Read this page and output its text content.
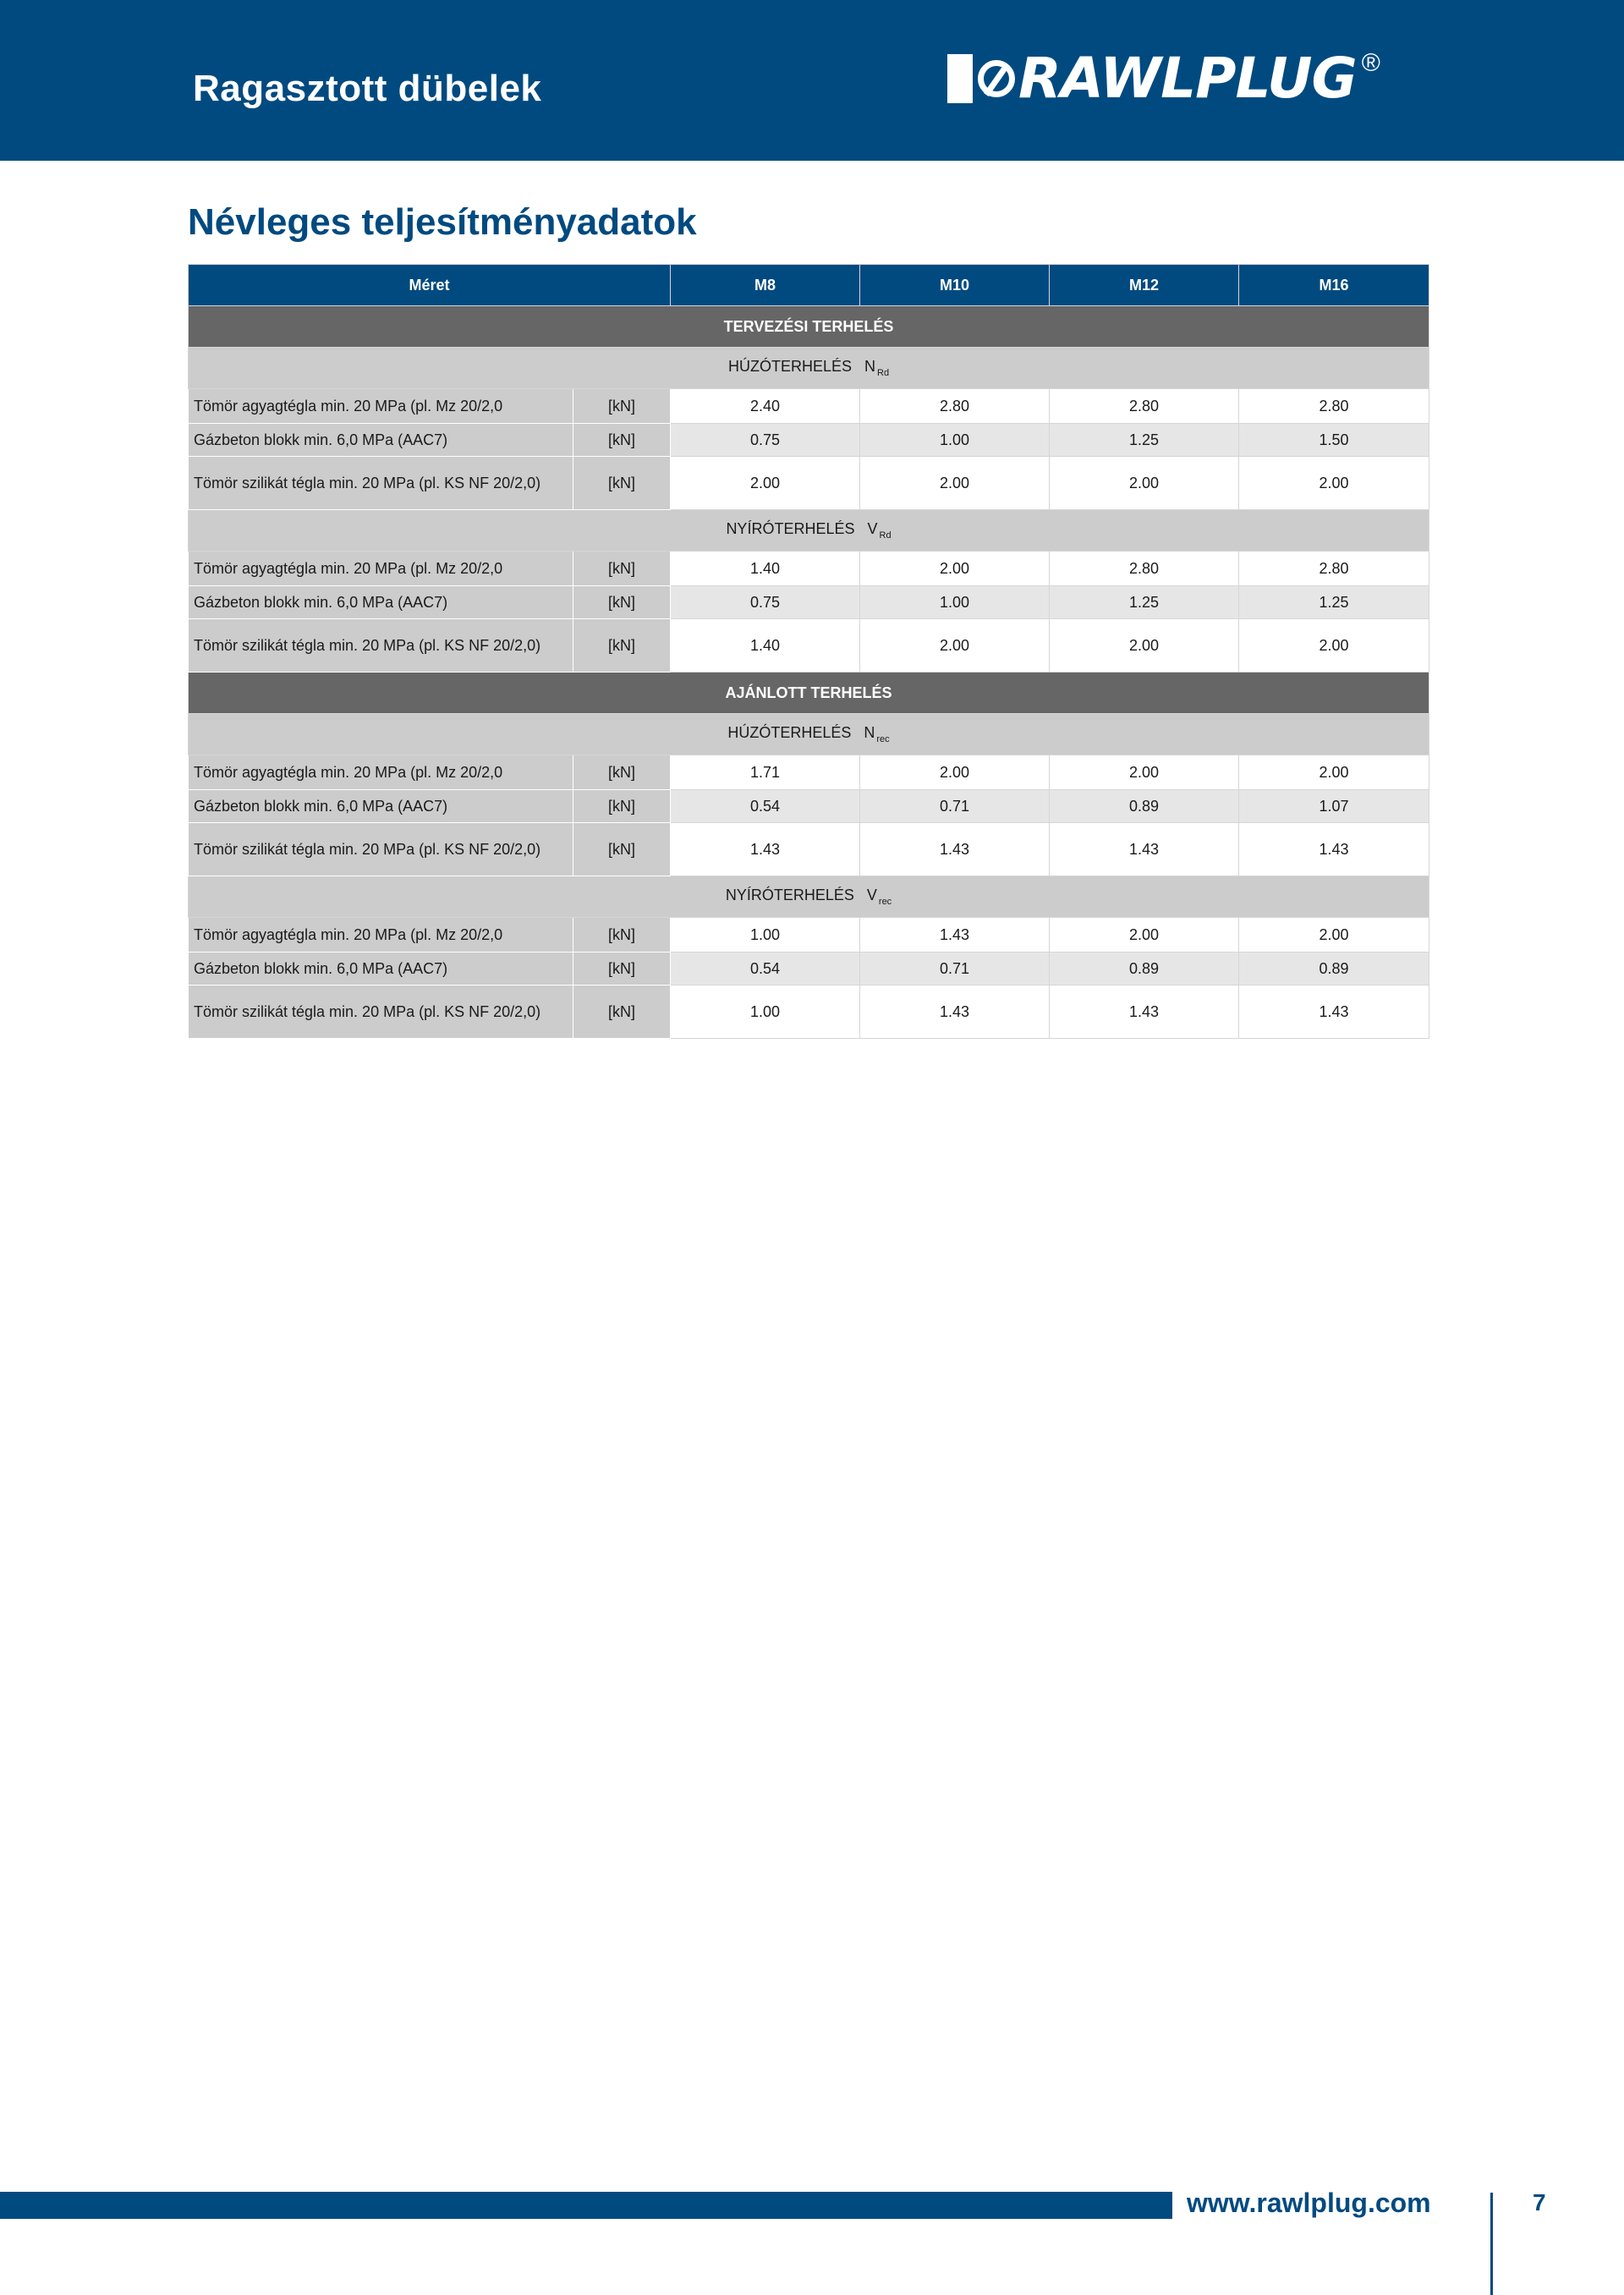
Ragasztott dübelek	RAWLPLUG ®
Névleges teljesítményadatok
Méret		M8	M10	M12	M16
TERVEZÉSI TERHELÉS					
HÚZÓTERHELÉS N $_{Rd}$
Tömör agyagtégla min. 20 MPa (pl. Mz 20/2,0	[kN]	2.40	2.80	2.80	2.80
Gázbeton blokk min. 6,0 MPa (AAC7)	[kN]	0.75	1.00	1.25	1.50
Tömör szilikát tégla min. 20 MPa (pl. KS NF 20/2,0)	[kN]	2.00	2.00	2.00	2.00
NYÍRÓTERHELÉS V $_{Rd}$
Tömör agyagtégla min. 20 MPa (pl. Mz 20/2,0	[kN]	1.40	2.00	2.80	2.80
Gázbeton blokk min. 6,0 MPa (AAC7)	[kN]	0.75	1.00	1.25	1.25
Tömör szilikát tégla min. 20 MPa (pl. KS NF 20/2,0)	[kN]	1.40	2.00	2.00	2.00
AJÁNLOTT TERHELÉS					
HÚZÓTERHELÉS N $_{rec}$
Tömör agyagtégla min. 20 MPa (pl. Mz 20/2,0	[kN]	1.71	2.00	2.00	2.00
Gázbeton blokk min. 6,0 MPa (AAC7)	[kN]	0.54	0.71	0.89	1.07
Tömör szilikát tégla min. 20 MPa (pl. KS NF 20/2,0)	[kN]	1.43	1.43	1.43	1.43
NYÍRÓTERHELÉS V $_{rec}$
Tömör agyagtégla min. 20 MPa (pl. Mz 20/2,0	[kN]	1.00	1.43	2.00	2.00
Gázbeton blokk min. 6,0 MPa (AAC7)	[kN]	0.54	0.71	0.89	0.89
Tömör szilikát tégla min. 20 MPa (pl. KS NF 20/2,0)	[kN]	1.00	1.43	1.43	1.43
www.rawlplug.com	7
